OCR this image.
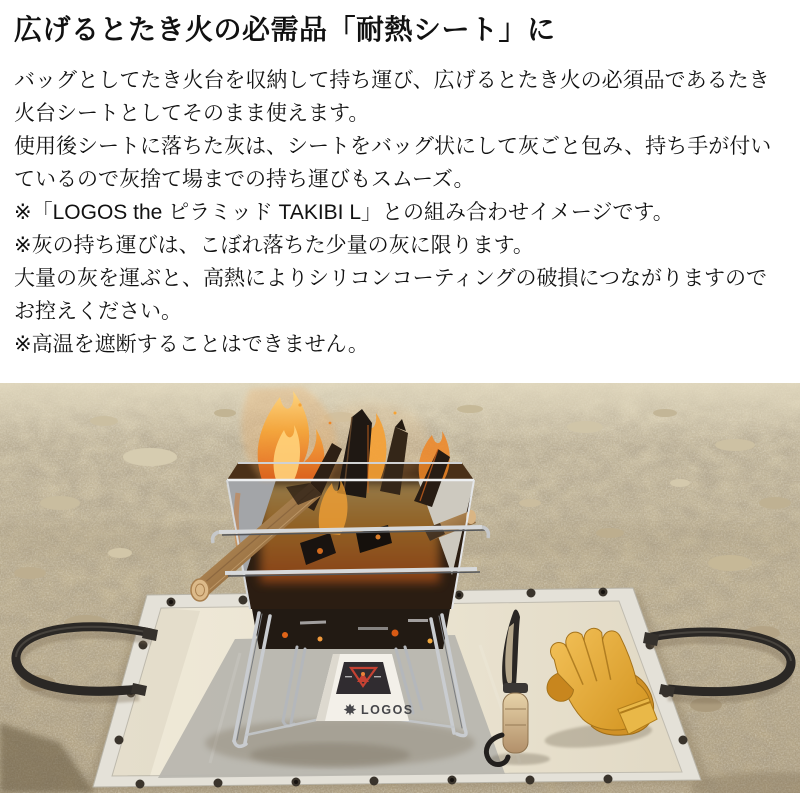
広げるとたき火の必需品「耐熱シート」に

バッグとしてたき火台を収納して持ち運び、広げるとたき火の必須品であるたき火台シートとしてそのまま使えます。

使用後シートに落ちた灰は、シートをバッグ状にして灰ごと包み、持ち手が付いているので灰捨て場までの持ち運びもスムーズ。

※「LOGOS the ピラミッド TAKIBI L」との組み合わせイメージです。

※灰の持ち運びは、こぼれ落ちた少量の灰に限ります。

大量の灰を運ぶと、高熱によりシリコンコーティングの破損につながりますのでお控えください。

※高温を遮断することはできません。

LOGOS
